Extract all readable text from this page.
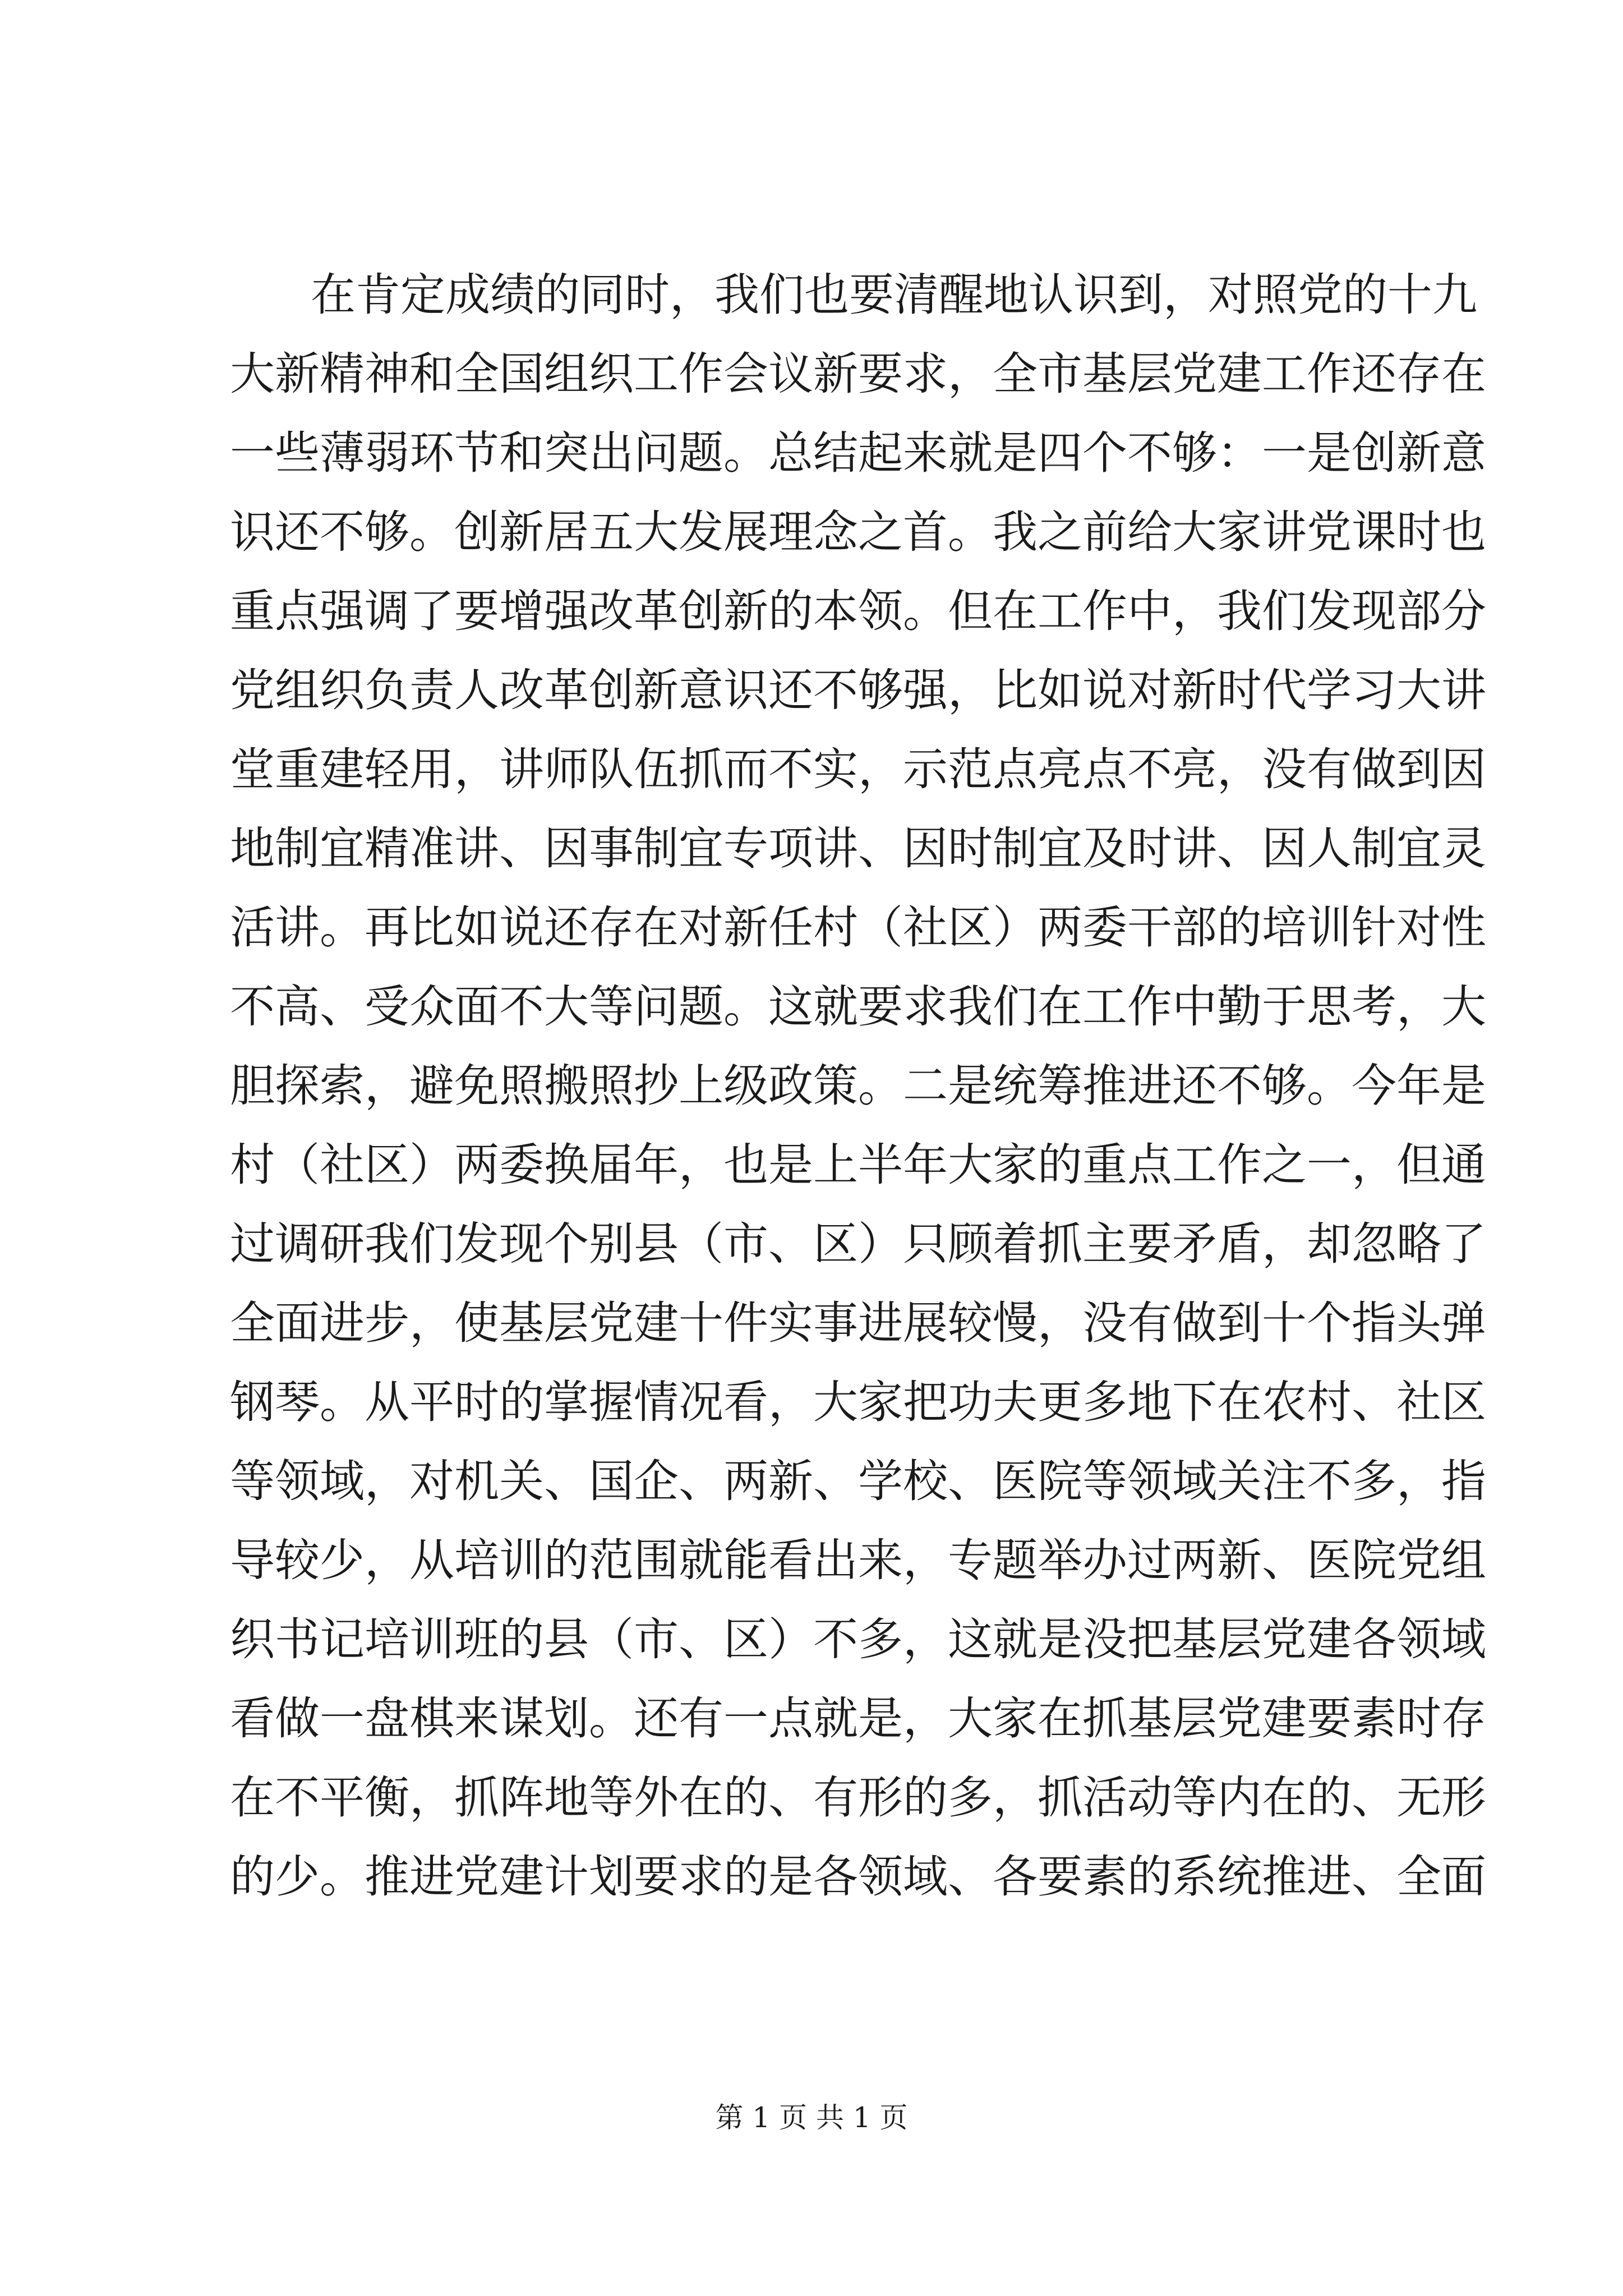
在肯定成绩的同时，我们也要清醒地认识到，对照党的十九
大新精神和全国组织工作会议新要求，全市基层党建工作还存在
一些薄弱环节和突出问题。总结起来就是四个不够：一是创新意
识还不够。创新居五大发展理念之首。我之前给大家讲党课时也
重点强调了要增强改革创新的本领。但在工作中，我们发现部分
党组织负责人改革创新意识还不够强，比如说对新时代学习大讲
堂重建轻用，讲师队伍抓而不实，示范点亮点不亮，没有做到因
地制宜精准讲、因事制宜专项讲、因时制宜及时讲、因人制宜灵
活讲。再比如说还存在对新任村（社区）两委干部的培训针对性
不高、受众面不大等问题。这就要求我们在工作中勤于思考，大
胆探索，避免照搬照抄上级政策。二是统筹推进还不够。今年是
村（社区）两委换届年，也是上半年大家的重点工作之一，但通
过调研我们发现个别县（市、区）只顾着抓主要矛盾，却忽略了
全面进步，使基层党建十件实事进展较慢，没有做到十个指头弹
钢琴。从平时的掌握情况看，大家把功夫更多地下在农村、社区
等领域，对机关、国企、两新、学校、医院等领域关注不多，指
导较少，从培训的范围就能看出来，专题举办过两新、医院党组
织书记培训班的县（市、区）不多，这就是没把基层党建各领域
看做一盘棋来谋划。还有一点就是，大家在抓基层党建要素时存
在不平衡，抓阵地等外在的、有形的多，抓活动等内在的、无形
的少。推进党建计划要求的是各领域、各要素的系统推进、全面
第 1 页 共 1 页
